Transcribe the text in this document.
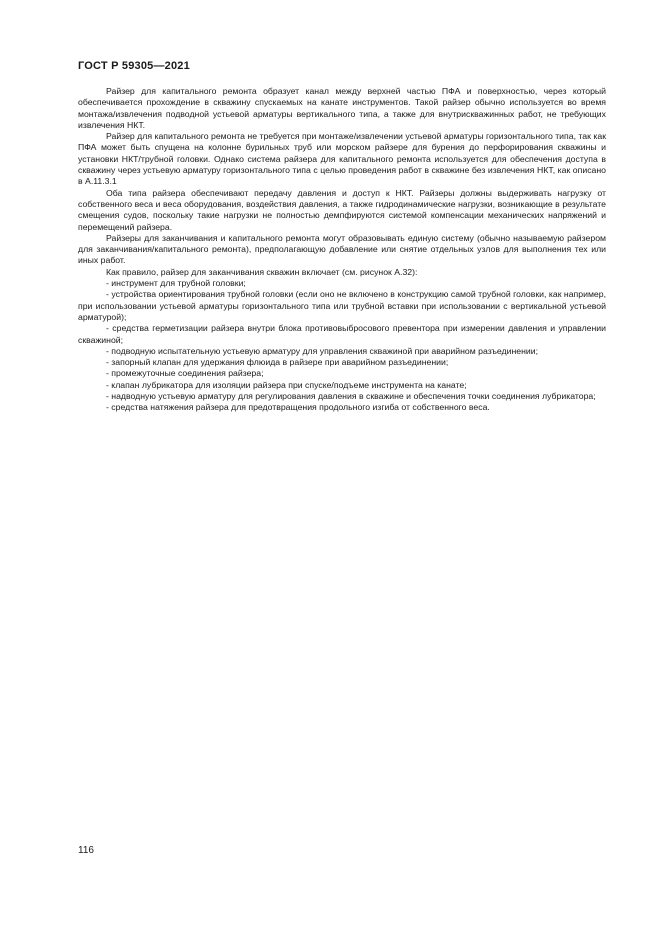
ГОСТ Р 59305—2021

Райзер для капитального ремонта образует канал между верхней частью ПФА и поверхностью, через который обеспечивается прохождение в скважину спускаемых на канате инструментов. Такой райзер обычно используется во время монтажа/извлечения подводной устьевой арматуры вертикального типа, а также для внутрискважинных работ, не требующих извлечения НКТ.

Райзер для капитального ремонта не требуется при монтаже/извлечении устьевой арматуры горизонтального типа, так как ПФА может быть спущена на колонне бурильных труб или морском райзере для бурения до перфорирования скважины и установки НКТ/трубной головки. Однако система райзера для капитального ремонта используется для обеспечения доступа в скважину через устьевую арматуру горизонтального типа с целью проведения работ в скважине без извлечения НКТ, как описано в А.11.3.1

Оба типа райзера обеспечивают передачу давления и доступ к НКТ. Райзеры должны выдерживать нагрузку от собственного веса и веса оборудования, воздействия давления, а также гидродинамические нагрузки, возникающие в результате смещения судов, поскольку такие нагрузки не полностью демпфируются системой компенсации механических напряжений и перемещений райзера.

Райзеры для заканчивания и капитального ремонта могут образовывать единую систему (обычно называемую райзером для заканчивания/капитального ремонта), предполагающую добавление или снятие отдельных узлов для выполнения тех или иных работ.

Как правило, райзер для заканчивания скважин включает (см. рисунок А.32):

- инструмент для трубной головки;

- устройства ориентирования трубной головки (если оно не включено в конструкцию самой трубной головки, как например, при использовании устьевой арматуры горизонтального типа или трубной вставки при использовании с вертикальной устьевой арматурой);

- средства герметизации райзера внутри блока противовыбросового превентора при измерении давления и управлении скважиной;

- подводную испытательную устьевую арматуру для управления скважиной при аварийном разъединении;

- запорный клапан для удержания флюида в райзере при аварийном разъединении;

- промежуточные соединения райзера;

- клапан лубрикатора для изоляции райзера при спуске/подъеме инструмента на канате;

- надводную устьевую арматуру для регулирования давления в скважине и обеспечения точки соединения лубрикатора;

- средства натяжения райзера для предотвращения продольного изгиба от собственного веса.

116
